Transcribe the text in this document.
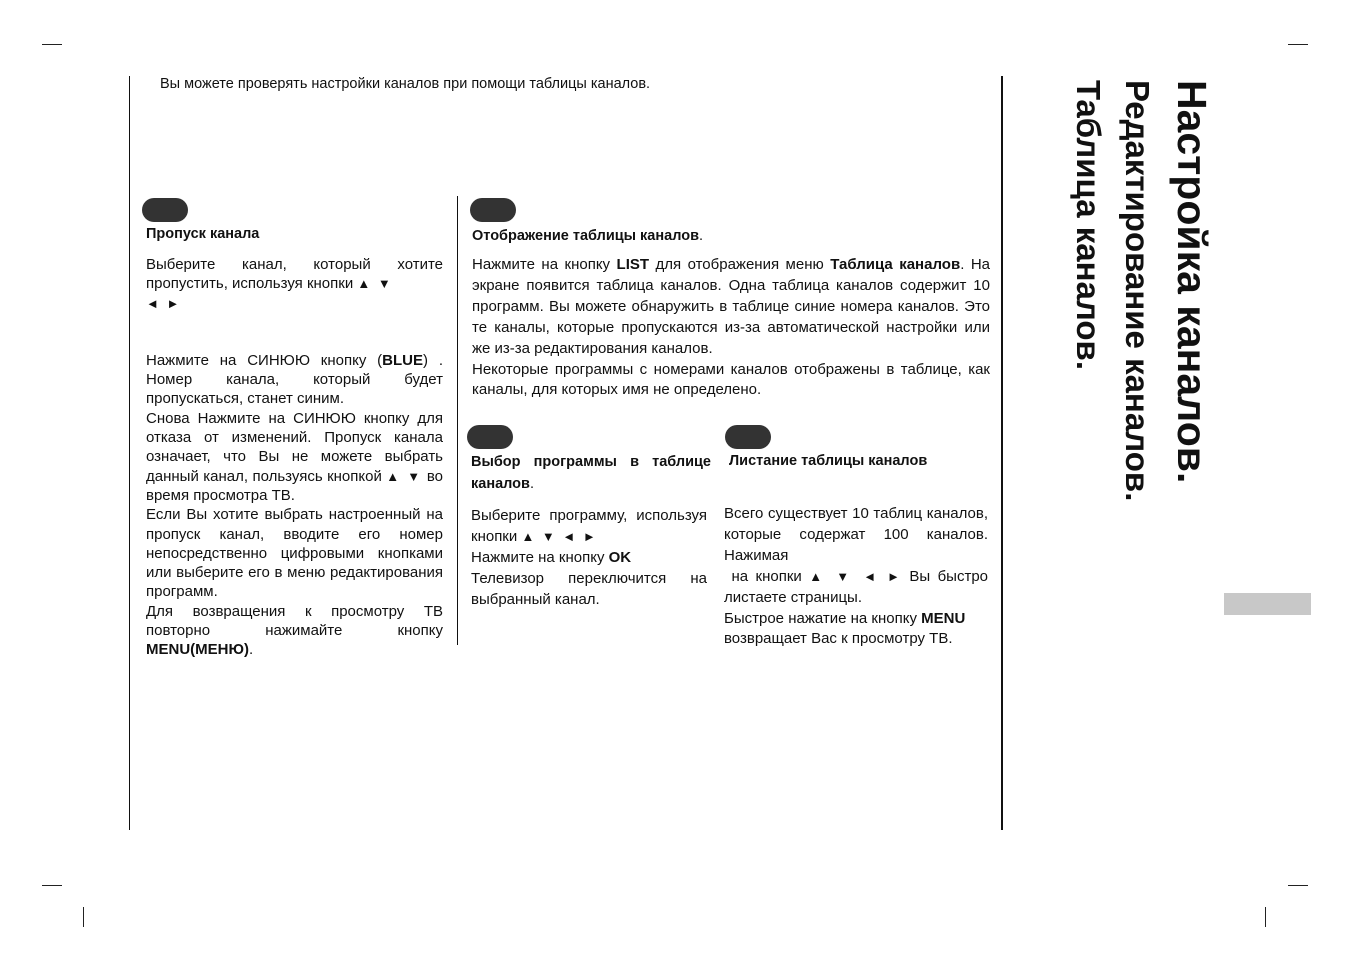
Вы можете проверять настройки каналов при помощи таблицы каналов.
Пропуск канала

Выберите канал, который хотите пропустить, используя кнопки ▲ ▼
◄ ►

Нажмите на СИНЮЮ кнопку (BLUE) . Номер канала, который будет пропускаться, станет синим.

Снова Нажмите на СИНЮЮ кнопку для отказа от изменений. Пропуск канала означает, что Вы не можете выбрать данный канал, пользуясь кнопкой ▲ ▼ во время просмотра ТВ.

Если Вы хотите выбрать настроенный на пропуск канал, вводите его номер непосредственно цифровыми кнопками или выберите его в меню редактирования программ.

Для возвращения к просмотру ТВ повторно нажимайте кнопку MENU(МЕНЮ).

Отображение таблицы каналов.

Нажмите на кнопку LIST для отображения меню Таблица каналов. На экране появится таблица каналов. Одна таблица каналов содержит 10 программ. Вы можете обнаружить в таблице синие номера каналов. Это те каналы, которые пропускаются из-за автоматической настройки или же из-за редактирования каналов.

Некоторые программы с номерами каналов отображены в таблице, как каналы, для которых имя не определено.

Выбор программы в таблице каналов.

Выберите программу, используя кнопки ▲ ▼ ◄ ►

Нажмите на кнопку OK

Телевизор переключится на выбранный канал.

Листание таблицы каналов

Всего существует 10 таблиц каналов, которые содержат 100 каналов. Нажимая

на кнопки ▲ ▼ ◄ ► Вы быстро листаете страницы.

Быстрое нажатие на кнопку MENU

возвращает Вас к просмотру ТВ.

Настройка каналов.
Редактирование каналов.
Таблица каналов.
